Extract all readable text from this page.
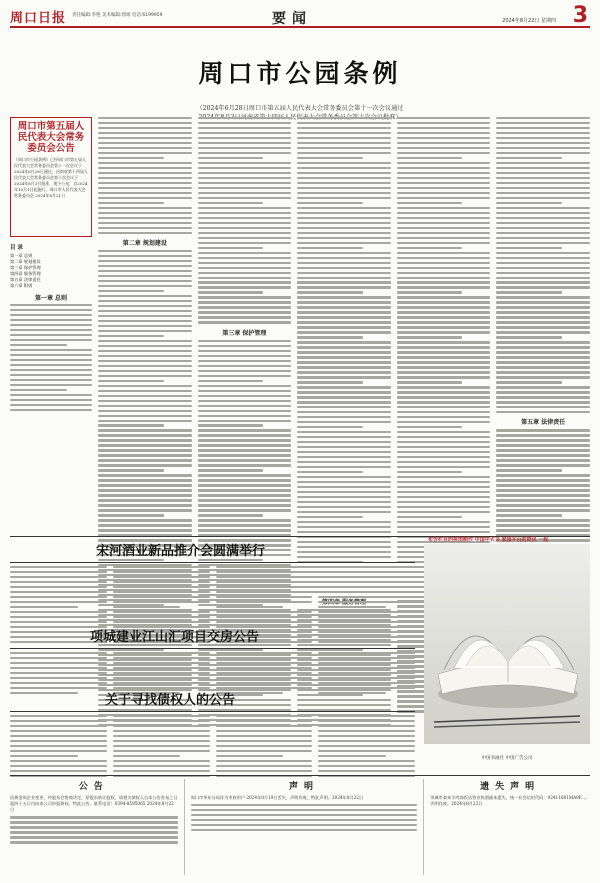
周口日报 责任编辑:李艳 美术编辑:郭娟 电话:6199959	要闻	2024年8月22日 星期四 3
周口市公园条例
（2024年6月28日周口市第五届人民代表大会常务委员会第十一次会议通过
周口市第五届人民代表大会常务委员会公告

《周口市公园条例》已经周口市第五届人民代表大会常务委员会第十一次会议于2024年6月28日通过，河南省第十四届人民代表大会常务委员会第十次会议于2024年8月3日批准，现予公布，自2024年10月1日起施行。周口市人民代表大会常务委员会 2024年8月21日

目 录
第一章 总则
第二章 规划建设
第三章 保护管理
第四章 服务管理
第五章 法律责任
第六章 附则
第一章 总则
第二章 规划建设
第三章 保护管理
第五章 法律责任
宋河酒业新品推介会圆满举行
项城建业江山汇项目交房公告
关于寻找债权人的公告
布告栏目的拼图制作 中国中式书 家园平台的资讯 一起
中国书画社 中国广告公司
公告

因黄金周企业变更，经股东会协商决定，原股东转让股权，请相关债权人自本公告发布之日起四十五日内向本公司申报债权。特此公告。联系电话：0394-8595065 2024年8月22日

声明

周口市华东分局作为市府用户 2024年8月19日丢失，声明作废，特此声明。2024年8月22日

遗失声明

项城市泰来羊肉汤饭店营业执照副本遗失，统一社会信用代码：92411681MA9F...，声明作废。2024年8月22日
